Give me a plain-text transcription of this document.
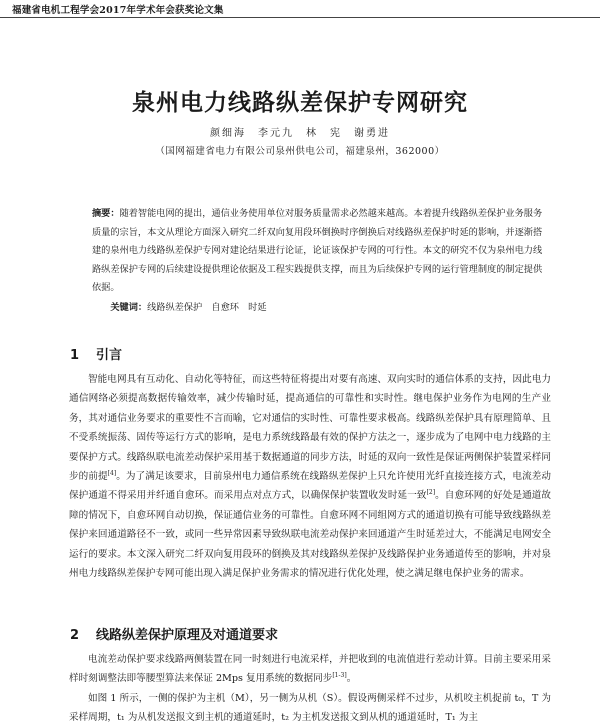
福建省电机工程学会2017年学术年会获奖论文集
泉州电力线路纵差保护专网研究
颜细海　李元九　林　宪　谢勇进
（国网福建省电力有限公司泉州供电公司，福建泉州，362000）
摘要：随着智能电网的提出，通信业务使用单位对服务质量需求必然越来越高。本着提升线路纵差保护业务服务质量的宗旨，本文从理论方面深入研究二纤双向复用段环倒换时序倒换后对线路纵差保护时延的影响，并逐渐搭建的泉州电力线路纵差保护专网对建论结果进行论证，论证该保护专网的可行性。本文的研究不仅为泉州电力线路纵差保护专网的后续建设提供理论依据及工程实践提供支撑，而且为后续保护专网的运行管理制度的制定提供依据。
  关键词：线路纵差保护　自愈环　时延
1 引言
智能电网具有互动化、自动化等特征，而这些特征将提出对要有高速、双向实时的通信体系的支持，因此电力通信网络必须提高数据传输效率，减少传输时延，提高通信的可靠性和实时性。继电保护业务作为电网的生产业务，其对通信业务要求的重要性不言而喻，它对通信的实时性、可靠性要求极高。线路纵差保护具有原理简单、且不受系统振荡、固传等运行方式的影响，是电力系统线路最有效的保护方法之一，逐步成为了电网中电力线路的主要保护方式。线路纵联电流差动保护采用基于数据通道的同步方法，时延的双向一致性是保证两侧保护装置采样同步的前提[4]。为了满足该要求，目前泉州电力通信系统在线路纵差保护上只允许使用光纤直接连接方式，电流差动保护通道不得采用并纤通自愈环。而采用点对点方式，以确保保护装置收发时延一致[2]。自愈环网的好处是通道故障的情况下，自愈环网自动切换，保证通信业务的可靠性。自愈环网不同组网方式的通道切换有可能导致线路纵差保护来回通道路径不一致，或同一些异常因素导致纵联电流差动保护来回通道产生时延差过大，不能满足电网安全运行的要求。本文深入研究二纤双向复用段环的倒换及其对线路纵差保护及线路保护业务通道传至的影响，并对泉州电力线路纵差保护专网可能出现入满足保护业务需求的情况进行优化处理，使之满足继电保护业务的需求。
2 线路纵差保护原理及对通道要求
电流差动保护要求线路两侧装置在同一时刻进行电流采样，并把收到的电流值进行差动计算。目前主要采用采样时刻调整法即等腰型算法来保证 2Mps 复用系统的数据同步[1-3]。
如图 1 所示，一侧的保护为主机（M），另一侧为从机（S）。假设两侧采样不过步，从机咬主机捉前 t₀，T 为采样周期，t₁ 为从机发送报文到主机的通道延时，t₂ 为主机发送报文到从机的通道延时，T₁ 为主
